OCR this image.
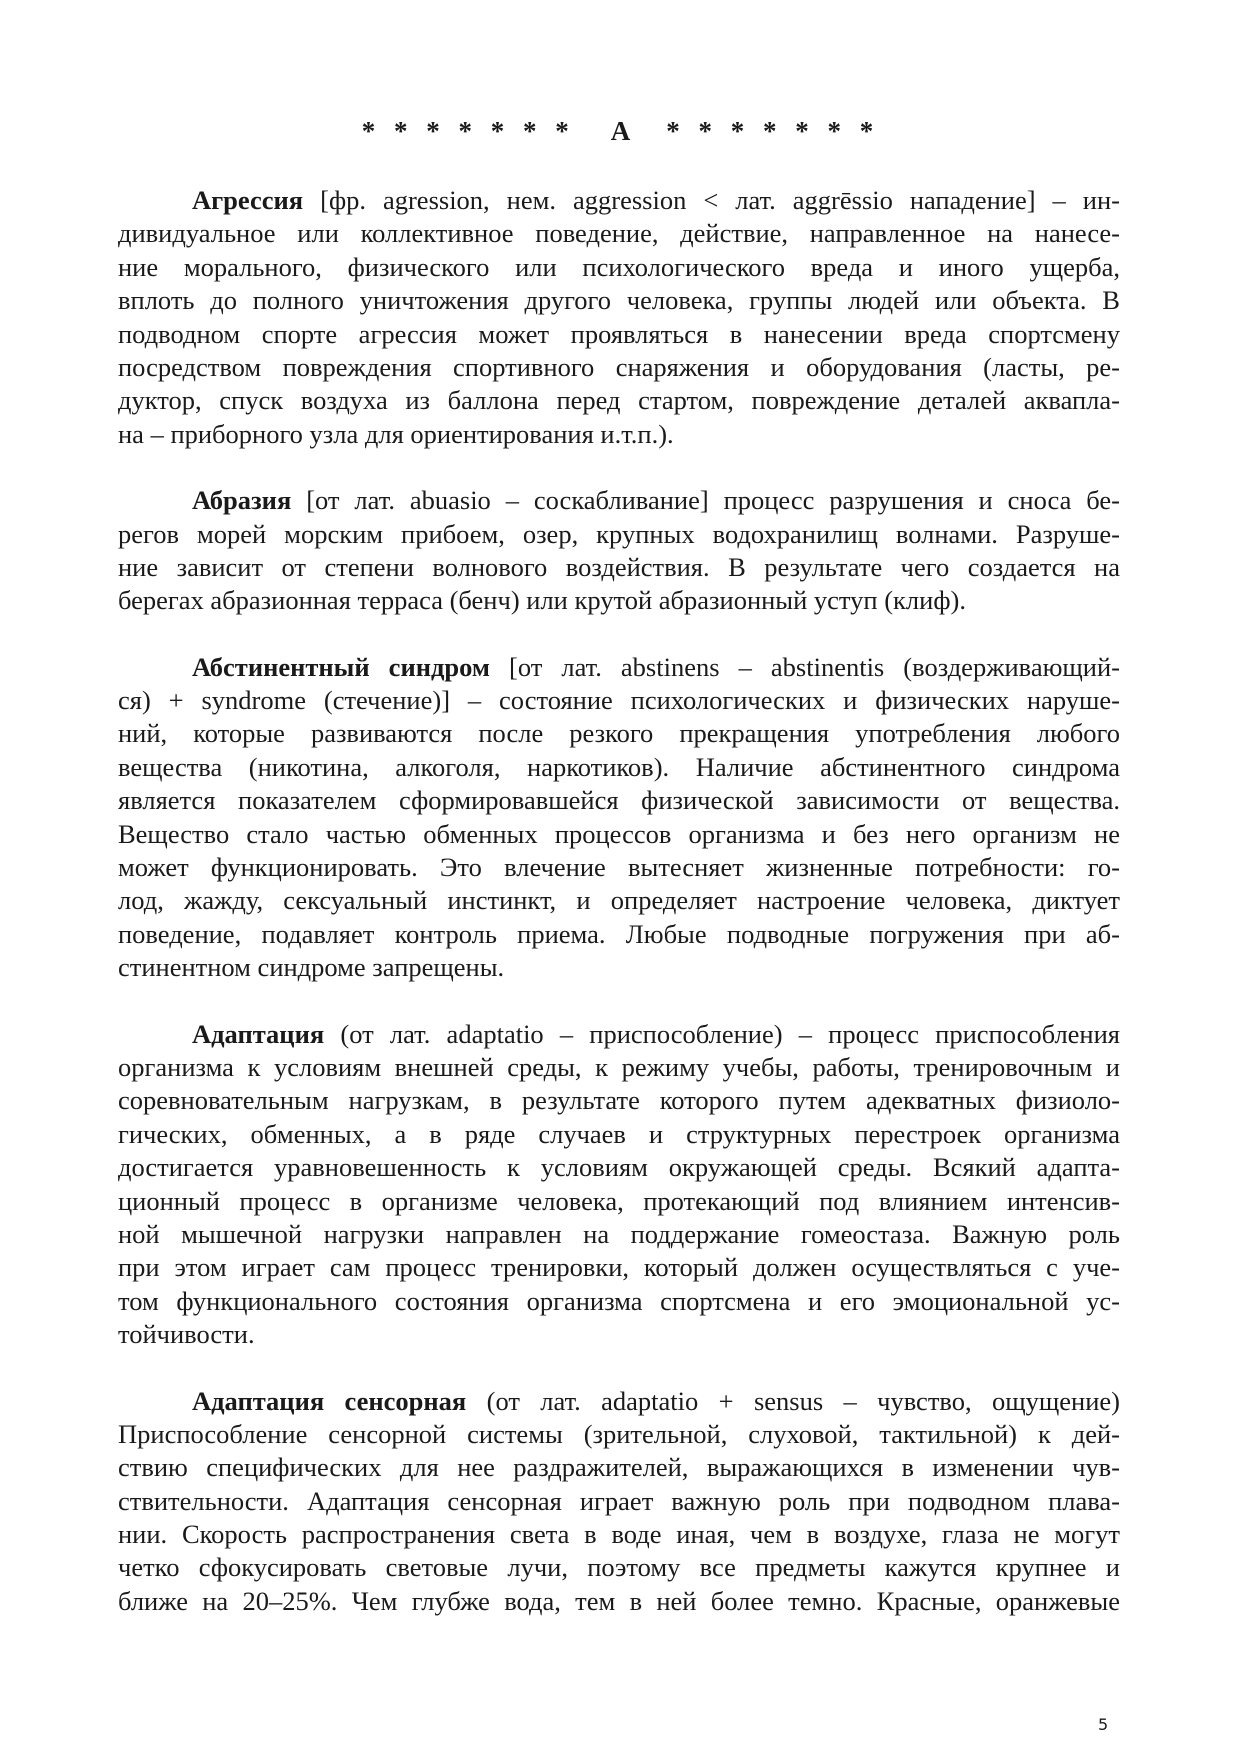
* * * * * * * А * * * * * * *
Агрессия [фр. agression, нем. aggression < лат. aggrēssio нападение] – ин-
дивидуальное или коллективное поведение, действие, направленное на нанесе-
ние морального, физического или психологического вреда и иного ущерба,
вплоть до полного уничтожения другого человека, группы людей или объекта. В
подводном спорте агрессия может проявляться в нанесении вреда спортсмену
посредством повреждения спортивного снаряжения и оборудования (ласты, ре-
дуктор, спуск воздуха из баллона перед стартом, повреждение деталей аквапла-
на – приборного узла для ориентирования и.т.п.).
Абразия [от лат. abuasio – соскабливание] процесс разрушения и сноса бе-
регов морей морским прибоем, озер, крупных водохранилищ волнами. Разруше-
ние зависит от степени волнового воздействия. В результате чего создается на
берегах абразионная терраса (бенч) или крутой абразионный уступ (клиф).
Абстинентный синдром [от лат. abstinens – abstinentis (воздерживающий-
ся) + syndrome (стечение)] – состояние психологических и физических наруше-
ний, которые развиваются после резкого прекращения употребления любого
вещества (никотина, алкоголя, наркотиков). Наличие абстинентного синдрома
является показателем сформировавшейся физической зависимости от вещества.
Вещество стало частью обменных процессов организма и без него организм не
может функционировать. Это влечение вытесняет жизненные потребности: го-
лод, жажду, сексуальный инстинкт, и определяет настроение человека, диктует
поведение, подавляет контроль приема. Любые подводные погружения при аб-
стинентном синдроме запрещены.
Адаптация (от лат. adaptatio – приспособление) – процесс приспособления
организма к условиям внешней среды, к режиму учебы, работы, тренировочным и
соревновательным нагрузкам, в результате которого путем адекватных физиоло-
гических, обменных, а в ряде случаев и структурных перестроек организма
достигается уравновешенность к условиям окружающей среды. Всякий адапта-
ционный процесс в организме человека, протекающий под влиянием интенсив-
ной мышечной нагрузки направлен на поддержание гомеостаза. Важную роль
при этом играет сам процесс тренировки, который должен осуществляться с уче-
том функционального состояния организма спортсмена и его эмоциональной ус-
тойчивости.
Адаптация сенсорная (от лат. adaptatio + sensus – чувство, ощущение)
Приспособление сенсорной системы (зрительной, слуховой, тактильной) к дей-
ствию специфических для нее раздражителей, выражающихся в изменении чув-
ствительности. Адаптация сенсорная играет важную роль при подводном плава-
нии. Скорость распространения света в воде иная, чем в воздухе, глаза не могут
четко сфокусировать световые лучи, поэтому все предметы кажутся крупнее и
ближе на 20–25%. Чем глубже вода, тем в ней более темно. Красные, оранжевые
5
